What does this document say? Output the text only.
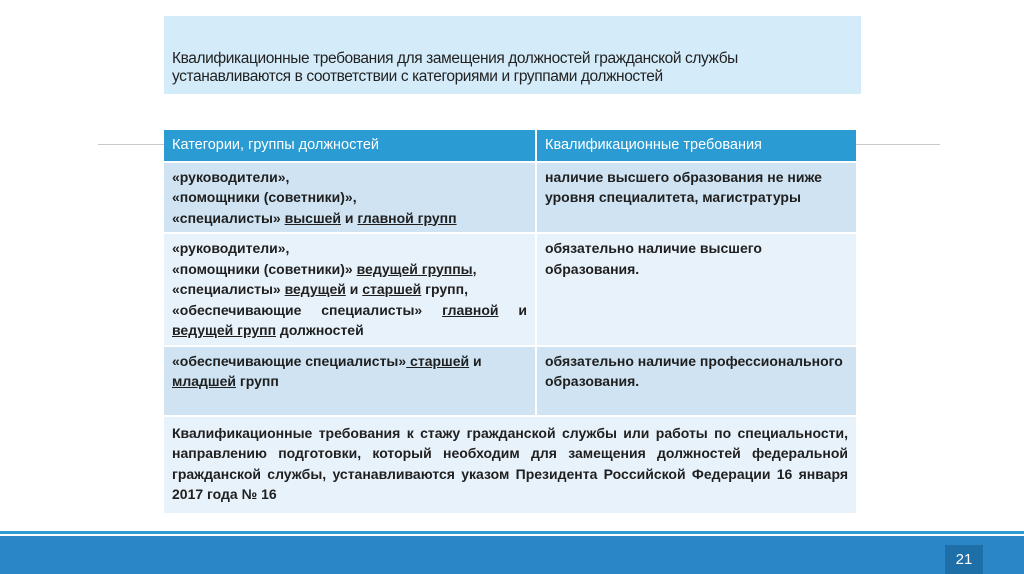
Квалификационные требования для замещения должностей гражданской службы
устанавливаются в соответствии с категориями и группами должностей

Категории, группы должностей	Квалификационные требования

«руководители»,
«помощники (советники)»,
«специалисты» высшей и главной групп	наличие высшего образования не ниже уровня специалитета, магистратуры

«руководители»,
«помощники (советники)» ведущей группы,
«специалисты» ведущей и старшей групп,
«обеспечивающие специалисты» главной и
ведущей групп должностей	обязательно наличие высшего образования.

«обеспечивающие специалисты» старшей и
младшей групп	обязательно наличие профессионального образования.
Квалификационные требования к стажу гражданской службы или работы по специальности, направлению подготовки, который необходим для замещения должностей федеральной гражданской службы, устанавливаются указом Президента Российской Федерации 16 января 2017 года № 16	
21
